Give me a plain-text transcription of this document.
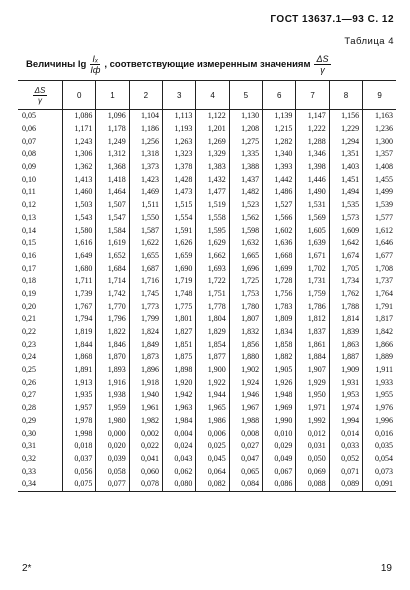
ГОСТ 13637.1—93 С. 12
Таблица 4
Величины $\lg \frac{\text{Iₓ}}{Iф}$ , соответствующие измеренным значениям $\frac{\Delta S}{\gamma}$
ΔS
γ	0	1	2	3	4	5	6	7	8	9
0,05	1,086	1,096	1,104	1,113	1,122	1,130	1,139	1,147	1,156	1,163
0,06	1,171	1,178	1,186	1,193	1,201	1,208	1,215	1,222	1,229	1,236
0,07	1,243	1,249	1,256	1,263	1,269	1,275	1,282	1,288	1,294	1,300
0,08	1,306	1,312	1,318	1,323	1,329	1,335	1,340	1,346	1,351	1,357
0,09	1,362	1,368	1,373	1,378	1,383	1,388	1,393	1,398	1,403	1,408
0,10	1,413	1,418	1,423	1,428	1,432	1,437	1,442	1,446	1,451	1,455
0,11	1,460	1,464	1,469	1,473	1,477	1,482	1,486	1,490	1,494	1,499
0,12	1,503	1,507	1,511	1,515	1,519	1,523	1,527	1,531	1,535	1,539
0,13	1,543	1,547	1,550	1,554	1,558	1,562	1,566	1,569	1,573	1,577
0,14	1,580	1,584	1,587	1,591	1,595	1,598	1,602	1,605	1,609	1,612
0,15	1,616	1,619	1,622	1,626	1,629	1,632	1,636	1,639	1,642	1,646
0,16	1,649	1,652	1,655	1,659	1,662	1,665	1,668	1,671	1,674	1,677
0,17	1,680	1,684	1,687	1,690	1,693	1,696	1,699	1,702	1,705	1,708
0,18	1,711	1,714	1,716	1,719	1,722	1,725	1,728	1,731	1,734	1,737
0,19	1,739	1,742	1,745	1,748	1,751	1,753	1,756	1,759	1,762	1,764
0,20	1,767	1,770	1,773	1,775	1,778	1,780	1,783	1,786	1,788	1,791
0,21	1,794	1,796	1,799	1,801	1,804	1,807	1,809	1,812	1,814	1,817
0,22	1,819	1,822	1,824	1,827	1,829	1,832	1,834	1,837	1,839	1,842
0,23	1,844	1,846	1,849	1,851	1,854	1,856	1,858	1,861	1,863	1,866
0,24	1,868	1,870	1,873	1,875	1,877	1,880	1,882	1,884	1,887	1,889
0,25	1,891	1,893	1,896	1,898	1,900	1,902	1,905	1,907	1,909	1,911
0,26	1,913	1,916	1,918	1,920	1,922	1,924	1,926	1,929	1,931	1,933
0,27	1,935	1,938	1,940	1,942	1,944	1,946	1,948	1,950	1,953	1,955
0,28	1,957	1,959	1,961	1,963	1,965	1,967	1,969	1,971	1,974	1,976
0,29	1,978	1,980	1,982	1,984	1,986	1,988	1,990	1,992	1,994	1,996
0,30	1,998	0,000	0,002	0,004	0,006	0,008	0,010	0,012	0,014	0,016
0,31	0,018	0,020	0,022	0,024	0,025	0,027	0,029	0,031	0,033	0,035
0,32	0,037	0,039	0,041	0,043	0,045	0,047	0,049	0,050	0,052	0,054
0,33	0,056	0,058	0,060	0,062	0,064	0,065	0,067	0,069	0,071	0,073
0,34	0,075	0,077	0,078	0,080	0,082	0,084	0,086	0,088	0,089	0,091
2*	19
